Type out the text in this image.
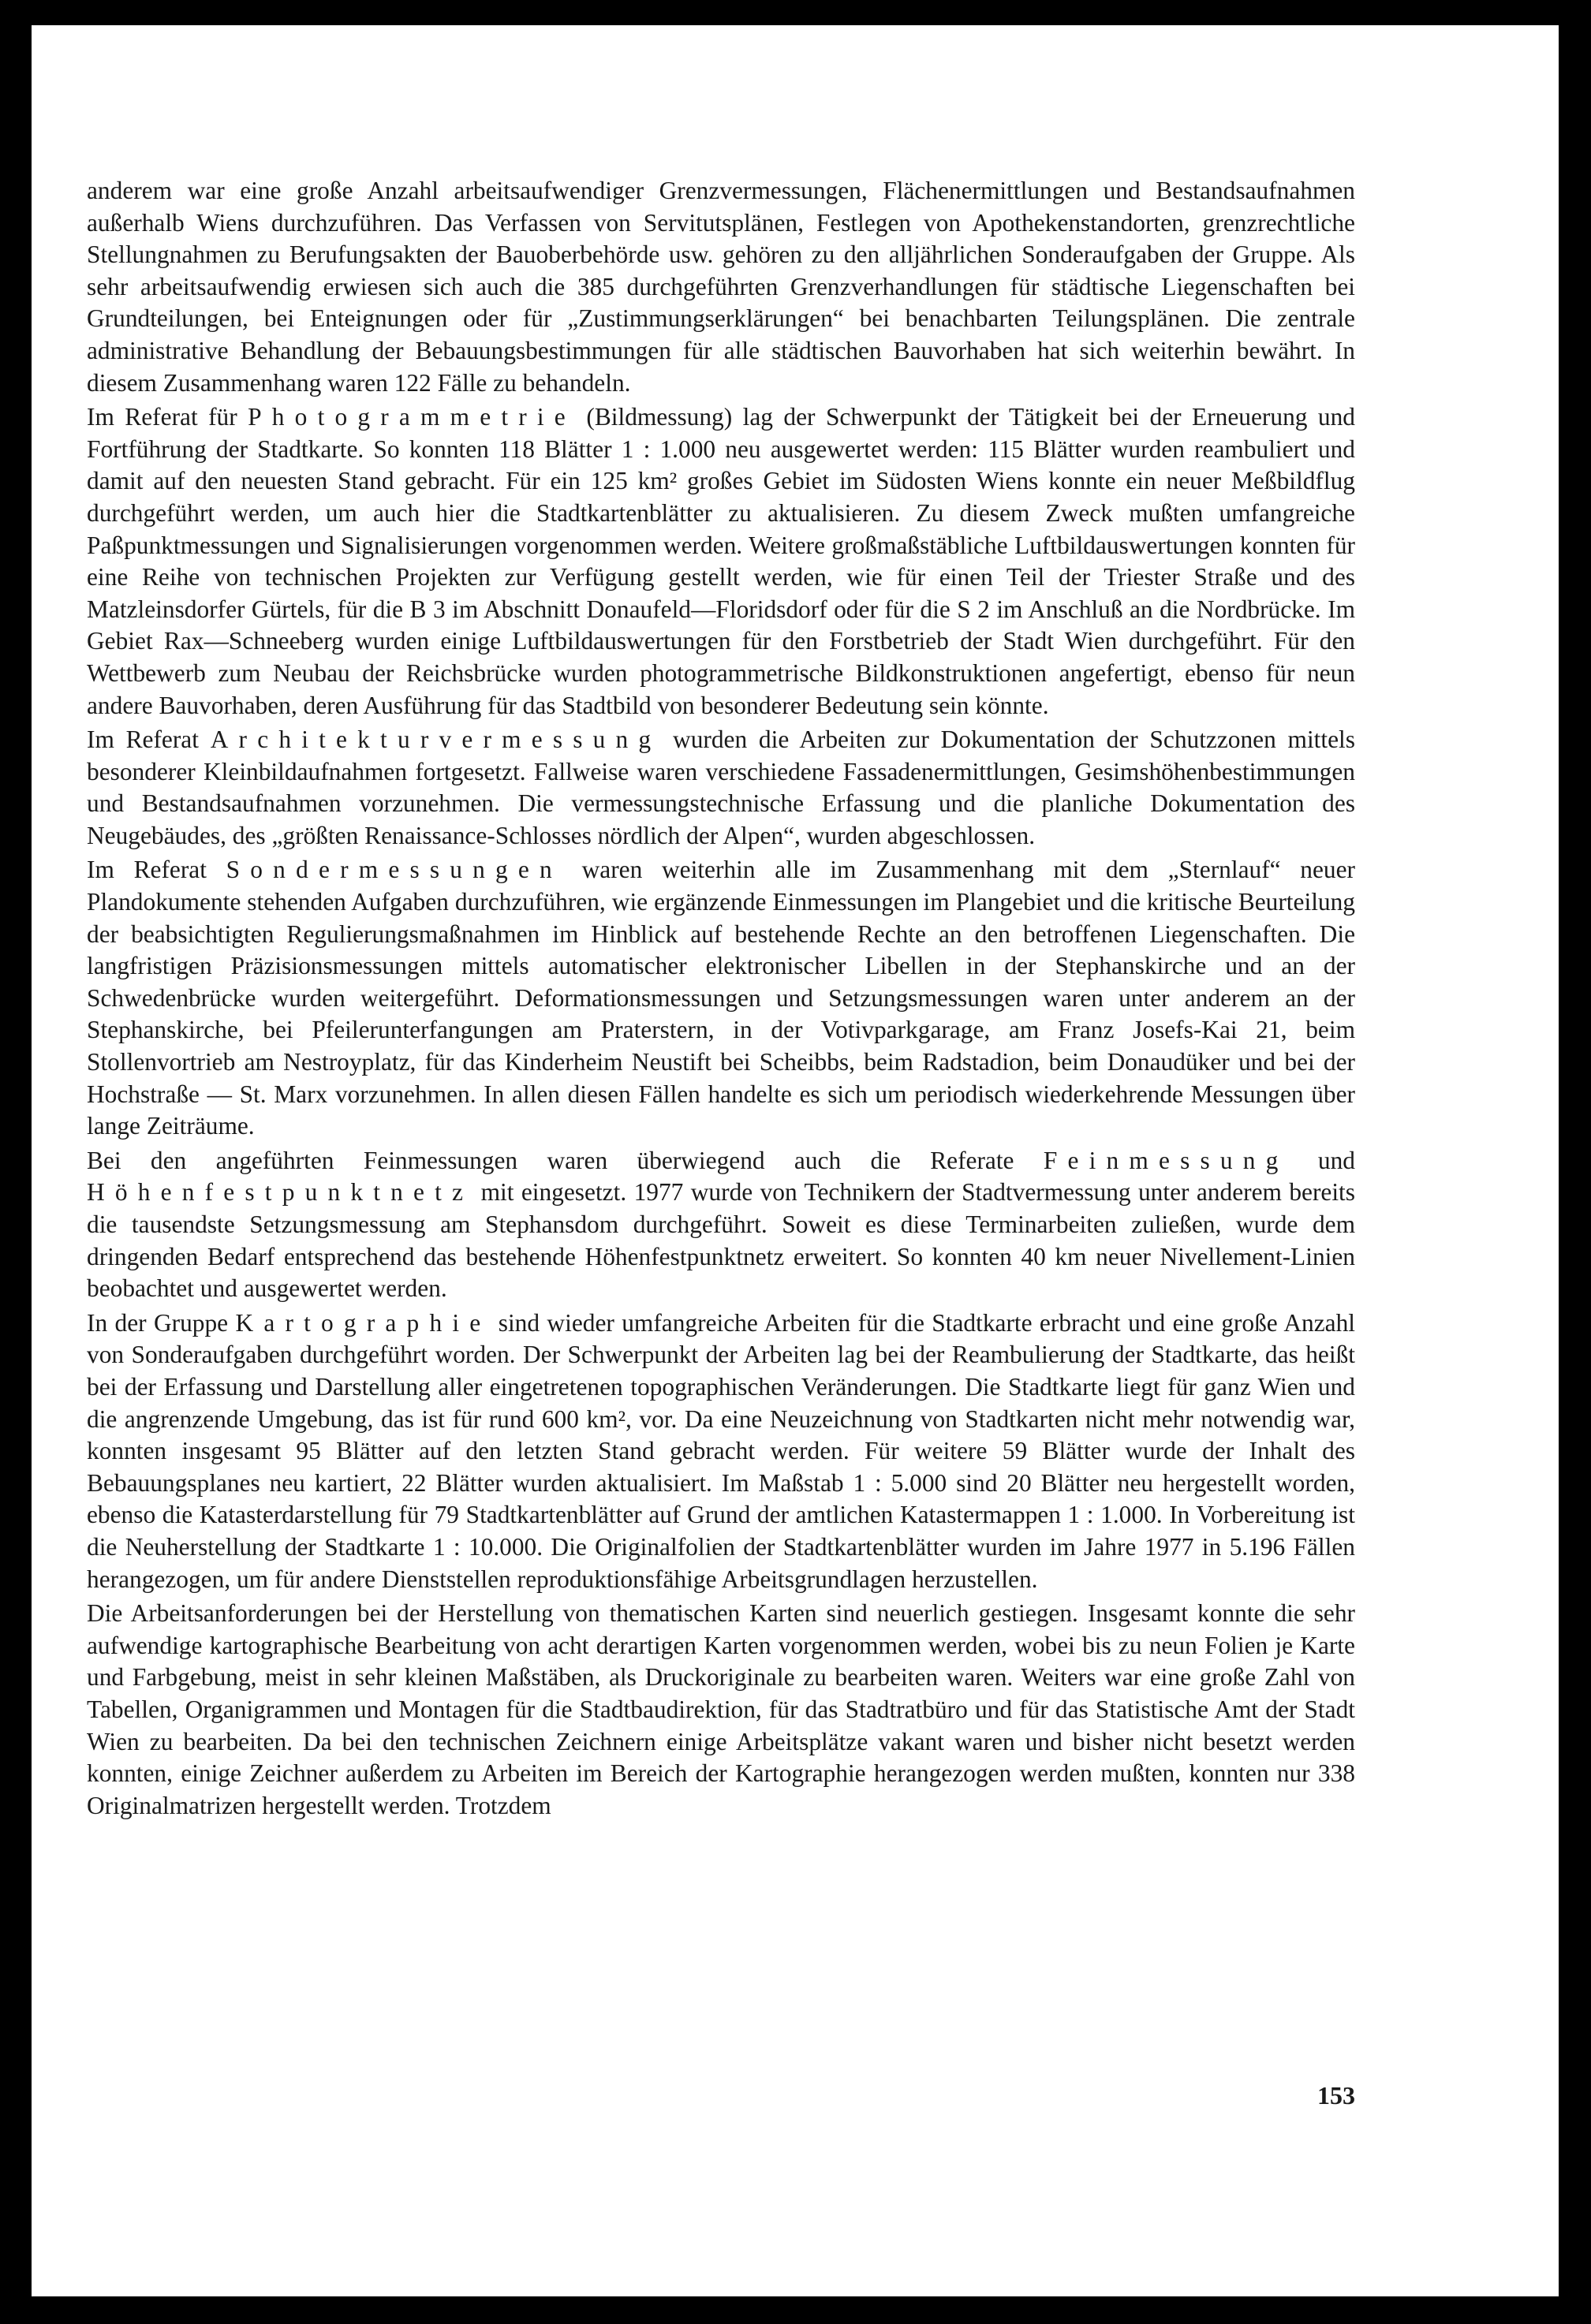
anderem war eine große Anzahl arbeitsaufwendiger Grenzvermessungen, Flächenermittlungen und Bestandsaufnahmen außerhalb Wiens durchzuführen. Das Verfassen von Servitutsplänen, Festlegen von Apothekenstandorten, grenzrechtliche Stellungnahmen zu Berufungsakten der Bauoberbehörde usw. gehören zu den alljährlichen Sonderaufgaben der Gruppe. Als sehr arbeitsaufwendig erwiesen sich auch die 385 durchgeführten Grenzverhandlungen für städtische Liegenschaften bei Grundteilungen, bei Enteignungen oder für „Zustimmungserklärungen“ bei benachbarten Teilungsplänen. Die zentrale administrative Behandlung der Bebauungsbestimmungen für alle städtischen Bauvorhaben hat sich weiterhin bewährt. In diesem Zusammenhang waren 122 Fälle zu behandeln.

Im Referat für Photogrammetrie (Bildmessung) lag der Schwerpunkt der Tätigkeit bei der Erneuerung und Fortführung der Stadtkarte. So konnten 118 Blätter 1 : 1.000 neu ausgewertet werden: 115 Blätter wurden reambuliert und damit auf den neuesten Stand gebracht. Für ein 125 km² großes Gebiet im Südosten Wiens konnte ein neuer Meßbildflug durchgeführt werden, um auch hier die Stadtkartenblätter zu aktualisieren. Zu diesem Zweck mußten umfangreiche Paßpunktmessungen und Signalisierungen vorgenommen werden. Weitere großmaßstäbliche Luftbildauswertungen konnten für eine Reihe von technischen Projekten zur Verfügung gestellt werden, wie für einen Teil der Triester Straße und des Matzleinsdorfer Gürtels, für die B 3 im Abschnitt Donaufeld—Floridsdorf oder für die S 2 im Anschluß an die Nordbrücke. Im Gebiet Rax—Schneeberg wurden einige Luftbildauswertungen für den Forstbetrieb der Stadt Wien durchgeführt. Für den Wettbewerb zum Neubau der Reichsbrücke wurden photogrammetrische Bildkonstruktionen angefertigt, ebenso für neun andere Bauvorhaben, deren Ausführung für das Stadtbild von besonderer Bedeutung sein könnte.

Im Referat Architekturvermessung wurden die Arbeiten zur Dokumentation der Schutzzonen mittels besonderer Kleinbildaufnahmen fortgesetzt. Fallweise waren verschiedene Fassadenermittlungen, Gesimshöhenbestimmungen und Bestandsaufnahmen vorzunehmen. Die vermessungstechnische Erfassung und die planliche Dokumentation des Neugebäudes, des „größten Renaissance-Schlosses nördlich der Alpen“, wurden abgeschlossen.

Im Referat Sondermessungen waren weiterhin alle im Zusammenhang mit dem „Sternlauf“ neuer Plandokumente stehenden Aufgaben durchzuführen, wie ergänzende Einmessungen im Plangebiet und die kritische Beurteilung der beabsichtigten Regulierungsmaßnahmen im Hinblick auf bestehende Rechte an den betroffenen Liegenschaften. Die langfristigen Präzisionsmessungen mittels automatischer elektronischer Libellen in der Stephanskirche und an der Schwedenbrücke wurden weitergeführt. Deformationsmessungen und Setzungsmessungen waren unter anderem an der Stephanskirche, bei Pfeilerunterfangungen am Praterstern, in der Votivparkgarage, am Franz Josefs-Kai 21, beim Stollenvortrieb am Nestroyplatz, für das Kinderheim Neustift bei Scheibbs, beim Radstadion, beim Donaudüker und bei der Hochstraße — St. Marx vorzunehmen. In allen diesen Fällen handelte es sich um periodisch wiederkehrende Messungen über lange Zeiträume.

Bei den angeführten Feinmessungen waren überwiegend auch die Referate Feinmessung und Höhenfestpunktnetz mit eingesetzt. 1977 wurde von Technikern der Stadtvermessung unter anderem bereits die tausendste Setzungsmessung am Stephansdom durchgeführt. Soweit es diese Terminarbeiten zuließen, wurde dem dringenden Bedarf entsprechend das bestehende Höhenfestpunktnetz erweitert. So konnten 40 km neuer Nivellement-Linien beobachtet und ausgewertet werden.

In der Gruppe Kartographie sind wieder umfangreiche Arbeiten für die Stadtkarte erbracht und eine große Anzahl von Sonderaufgaben durchgeführt worden. Der Schwerpunkt der Arbeiten lag bei der Reambulierung der Stadtkarte, das heißt bei der Erfassung und Darstellung aller eingetretenen topographischen Veränderungen. Die Stadtkarte liegt für ganz Wien und die angrenzende Umgebung, das ist für rund 600 km², vor. Da eine Neuzeichnung von Stadtkarten nicht mehr notwendig war, konnten insgesamt 95 Blätter auf den letzten Stand gebracht werden. Für weitere 59 Blätter wurde der Inhalt des Bebauungsplanes neu kartiert, 22 Blätter wurden aktualisiert. Im Maßstab 1 : 5.000 sind 20 Blätter neu hergestellt worden, ebenso die Katasterdarstellung für 79 Stadtkartenblätter auf Grund der amtlichen Katastermappen 1 : 1.000. In Vorbereitung ist die Neuherstellung der Stadtkarte 1 : 10.000. Die Originalfolien der Stadtkartenblätter wurden im Jahre 1977 in 5.196 Fällen herangezogen, um für andere Dienststellen reproduktionsfähige Arbeitsgrundlagen herzustellen.

Die Arbeitsanforderungen bei der Herstellung von thematischen Karten sind neuerlich gestiegen. Insgesamt konnte die sehr aufwendige kartographische Bearbeitung von acht derartigen Karten vorgenommen werden, wobei bis zu neun Folien je Karte und Farbgebung, meist in sehr kleinen Maßstäben, als Druckoriginale zu bearbeiten waren. Weiters war eine große Zahl von Tabellen, Organigrammen und Montagen für die Stadtbaudirektion, für das Stadtratbüro und für das Statistische Amt der Stadt Wien zu bearbeiten. Da bei den technischen Zeichnern einige Arbeitsplätze vakant waren und bisher nicht besetzt werden konnten, einige Zeichner außerdem zu Arbeiten im Bereich der Kartographie herangezogen werden mußten, konnten nur 338 Originalmatrizen hergestellt werden. Trotzdem

153
